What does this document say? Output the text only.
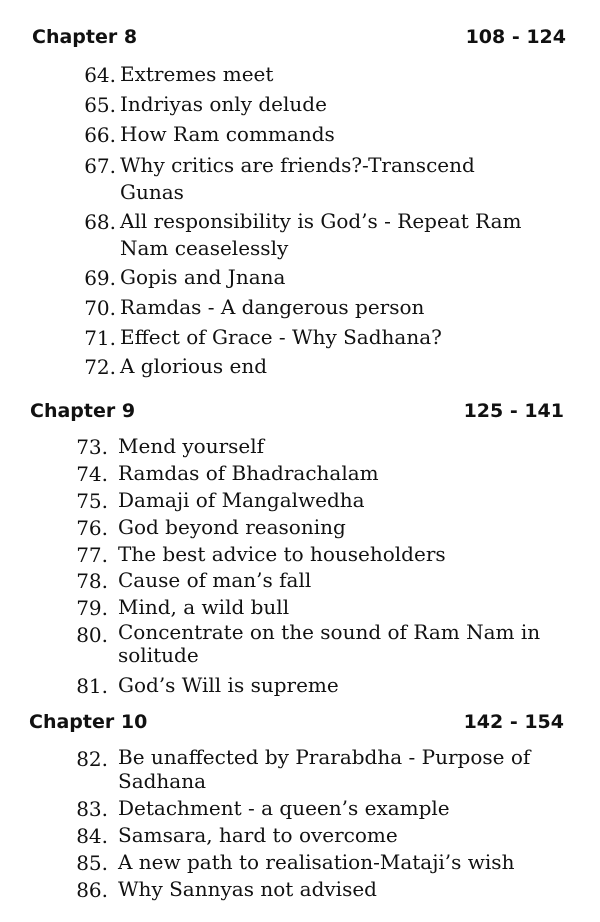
Chapter 8	108 - 124
64. Extremes meet
65. Indriyas only delude
66. How Ram commands
67. Why critics are friends?-Transcend Gunas
68. All responsibility is God’s - Repeat Ram Nam ceaselessly
69. Gopis and Jnana
70. Ramdas - A dangerous person
71. Effect of Grace - Why Sadhana?
72. A glorious end
Chapter 9	125 - 141
73. Mend yourself
74. Ramdas of Bhadrachalam
75. Damaji of Mangalwedha
76. God beyond reasoning
77. The best advice to householders
78. Cause of man’s fall
79. Mind, a wild bull
80. Concentrate on the sound of Ram Nam in solitude
81. God’s Will is supreme
Chapter 10	142 - 154
82. Be unaffected by Prarabdha - Purpose of Sadhana
83. Detachment - a queen’s example
84. Samsara, hard to overcome
85. A new path to realisation-Mataji’s wish
86. Why Sannyas not advised
